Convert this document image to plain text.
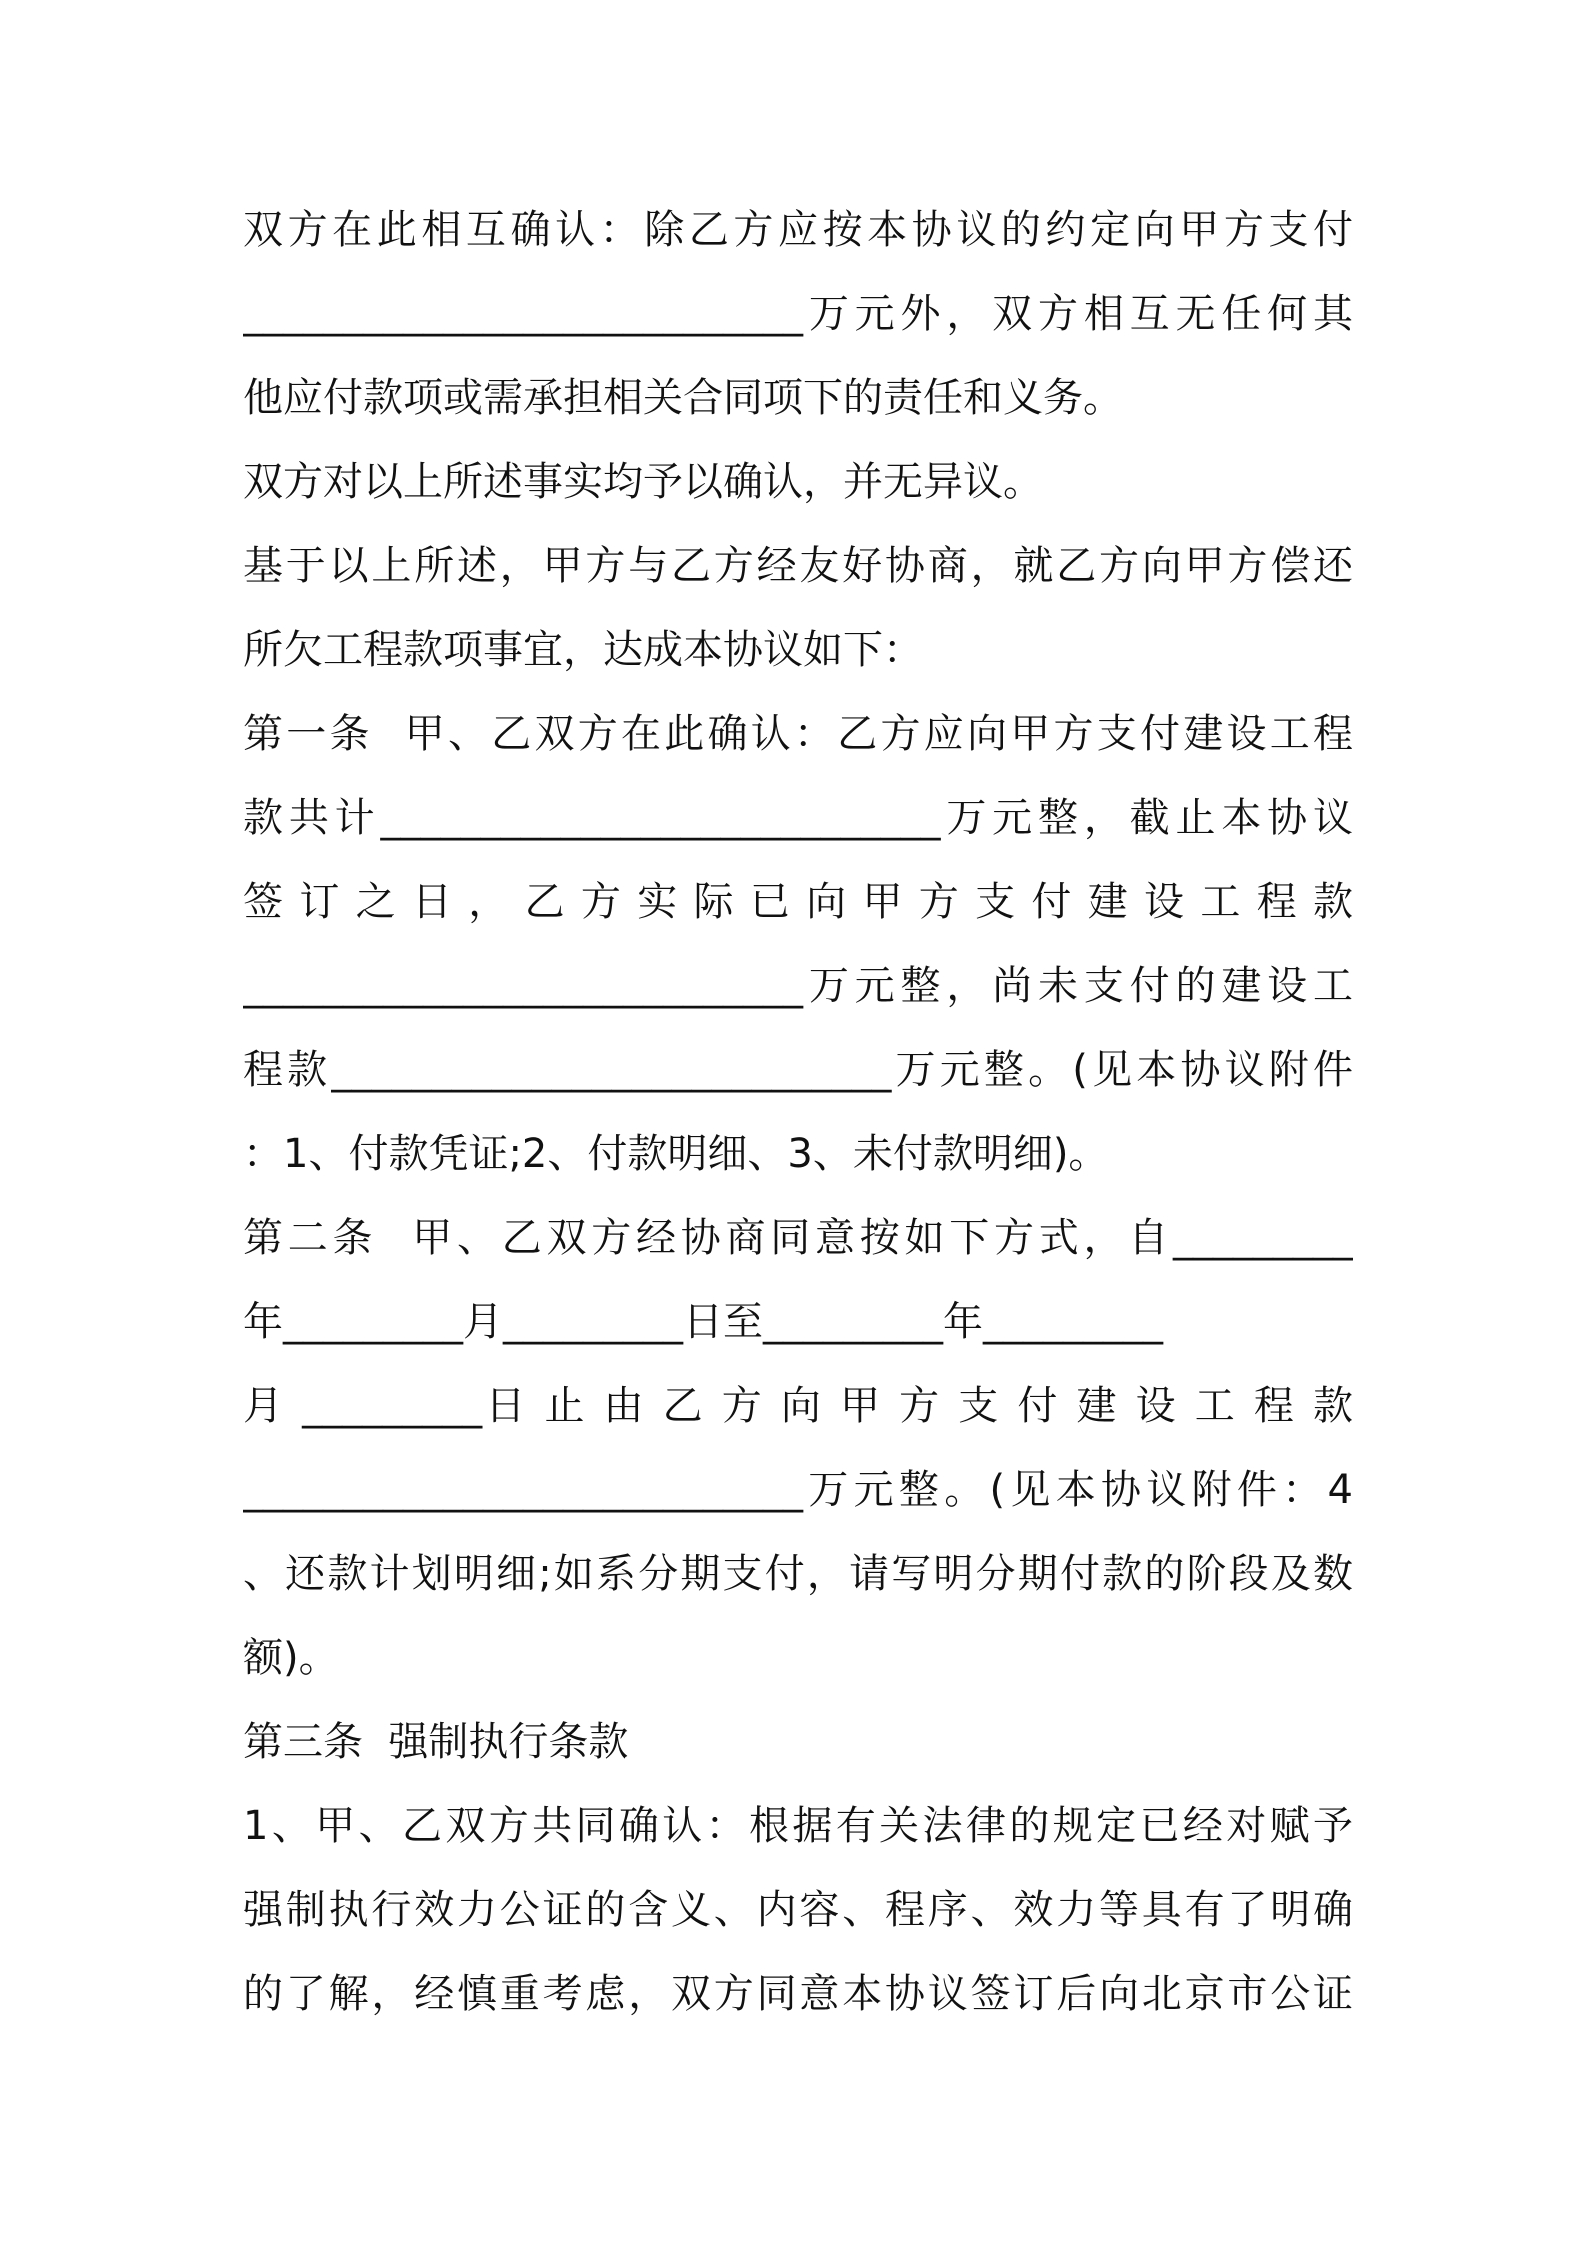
双方在此相互确认：除乙方应按本协议的约定向甲方支付
____________________________万元外，双方相互无任何其
他应付款项或需承担相关合同项下的责任和义务。
双方对以上所述事实均予以确认，并无异议。
基于以上所述，甲方与乙方经友好协商，就乙方向甲方偿还
所欠工程款项事宜，达成本协议如下：
第一条  甲、乙双方在此确认：乙方应向甲方支付建设工程
款共计____________________________万元整，截止本协议
签 订 之 日 ， 乙 方 实 际 已 向 甲 方 支 付 建 设 工 程 款
____________________________万元整，尚未支付的建设工
程款____________________________万元整。(见本协议附件
：1、付款凭证;2、付款明细、3、未付款明细)。
第二条  甲、乙双方经协商同意按如下方式，自_________
年_________月_________日至_________年_________
月 _________日 止 由 乙 方 向 甲 方 支 付 建 设 工 程 款
____________________________万元整。(见本协议附件：4
、还款计划明细;如系分期支付，请写明分期付款的阶段及数
额)。
第三条  强制执行条款
1、甲、乙双方共同确认：根据有关法律的规定已经对赋予
强制执行效力公证的含义、内容、程序、效力等具有了明确
的了解，经慎重考虑，双方同意本协议签订后向北京市公证
